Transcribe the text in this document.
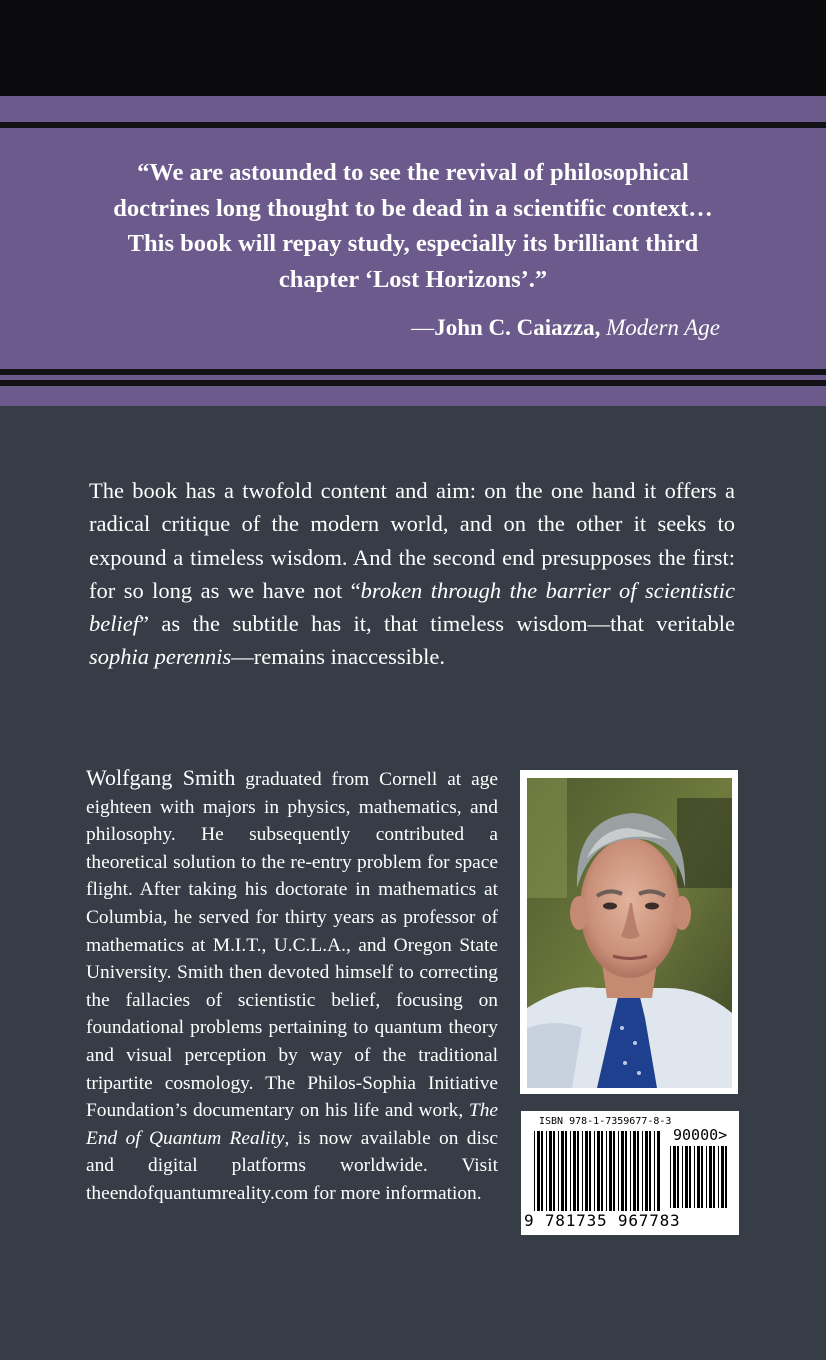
“We are astounded to see the revival of philosophical
doctrines long thought to be dead in a scientific context…
This book will repay study, especially its brilliant third
chapter ‘Lost Horizons’.”
—John C. Caiazza, Modern Age
The book has a twofold content and aim: on the one hand it offers a radical critique of the modern world, and on the other it seeks to expound a timeless wisdom. And the second end presupposes the first: for so long as we have not “broken through the barrier of scientistic belief” as the subtitle has it, that timeless wisdom—that veritable sophia perennis—remains inaccessible.
Wolfgang Smith graduated from Cornell at age eighteen with majors in physics, mathematics, and philosophy. He subsequently contributed a theoretical solution to the re-entry problem for space flight. After taking his doctorate in mathematics at Columbia, he served for thirty years as professor of mathematics at M.I.T., U.C.L.A., and Oregon State University. Smith then devoted himself to correcting the fallacies of scientistic belief, focusing on foundational problems pertaining to quantum theory and visual perception by way of the traditional tripartite cosmology. The Philos-Sophia Initiative Foundation’s documentary on his life and work, The End of Quantum Reality, is now available on disc and digital platforms worldwide. Visit theendofquantumreality.com for more information.
ISBN 978-1-7359677-8-3
90000>
9 781735 967783
